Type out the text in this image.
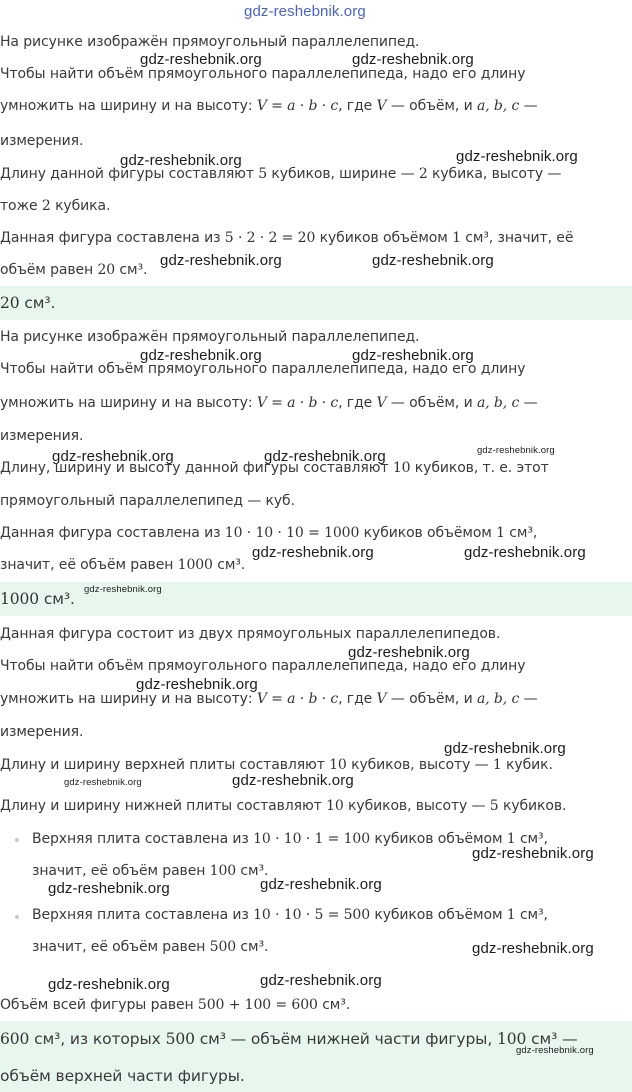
gdz-reshebnik.org
На рисунке изображён прямоугольный параллелепипед.
Чтобы найти объём прямоугольного параллелепипеда, надо его длину
умножить на ширину и на высоту: V = a · b · c, где V — объём, и a, b, c —
измерения.
Длину данной фигуры составляют 5 кубиков, ширине — 2 кубика, высоту —
тоже 2 кубика.
Данная фигура составлена из 5 · 2 · 2 = 20 кубиков объёмом 1 см³, значит, её
объём равен 20 см³.
20 см³.
На рисунке изображён прямоугольный параллелепипед.
Чтобы найти объём прямоугольного параллелепипеда, надо его длину
умножить на ширину и на высоту: V = a · b · c, где V — объём, и a, b, c —
измерения.
Длину, ширину и высоту данной фигуры составляют 10 кубиков, т. е. этот
прямоугольный параллелепипед — куб.
Данная фигура составлена из 10 · 10 · 10 = 1000 кубиков объёмом 1 см³,
значит, её объём равен 1000 см³.
1000 см³.
Данная фигура состоит из двух прямоугольных параллелепипедов.
Чтобы найти объём прямоугольного параллелепипеда, надо его длину
умножить на ширину и на высоту: V = a · b · c, где V — объём, и a, b, c —
измерения.
Длину и ширину верхней плиты составляют 10 кубиков, высоту — 1 кубик.
Длину и ширину нижней плиты составляют 10 кубиков, высоту — 5 кубиков.
Верхняя плита составлена из 10 · 10 · 1 = 100 кубиков объёмом 1 см³,
значит, её объём равен 100 см³.
Верхняя плита составлена из 10 · 10 · 5 = 500 кубиков объёмом 1 см³,
значит, её объём равен 500 см³.
Объём всей фигуры равен 500 + 100 = 600 см³.
600 см³, из которых 500 см³ — объём нижней части фигуры, 100 см³ —
объём верхней части фигуры.
gdz-reshebnik.org	gdz-reshebnik.org
gdz-reshebnik.org	gdz-reshebnik.org
gdz-reshebnik.org	gdz-reshebnik.org
gdz-reshebnik.org	gdz-reshebnik.org
gdz-reshebnik.org	gdz-reshebnik.org	gdz-reshebnik.org
gdz-reshebnik.org	gdz-reshebnik.org
gdz-reshebnik.org
gdz-reshebnik.org
gdz-reshebnik.org
gdz-reshebnik.org
gdz-reshebnik.org
gdz-reshebnik.org
gdz-reshebnik.org
gdz-reshebnik.org	gdz-reshebnik.org
gdz-reshebnik.org
gdz-reshebnik.org	gdz-reshebnik.org
gdz-reshebnik.org
